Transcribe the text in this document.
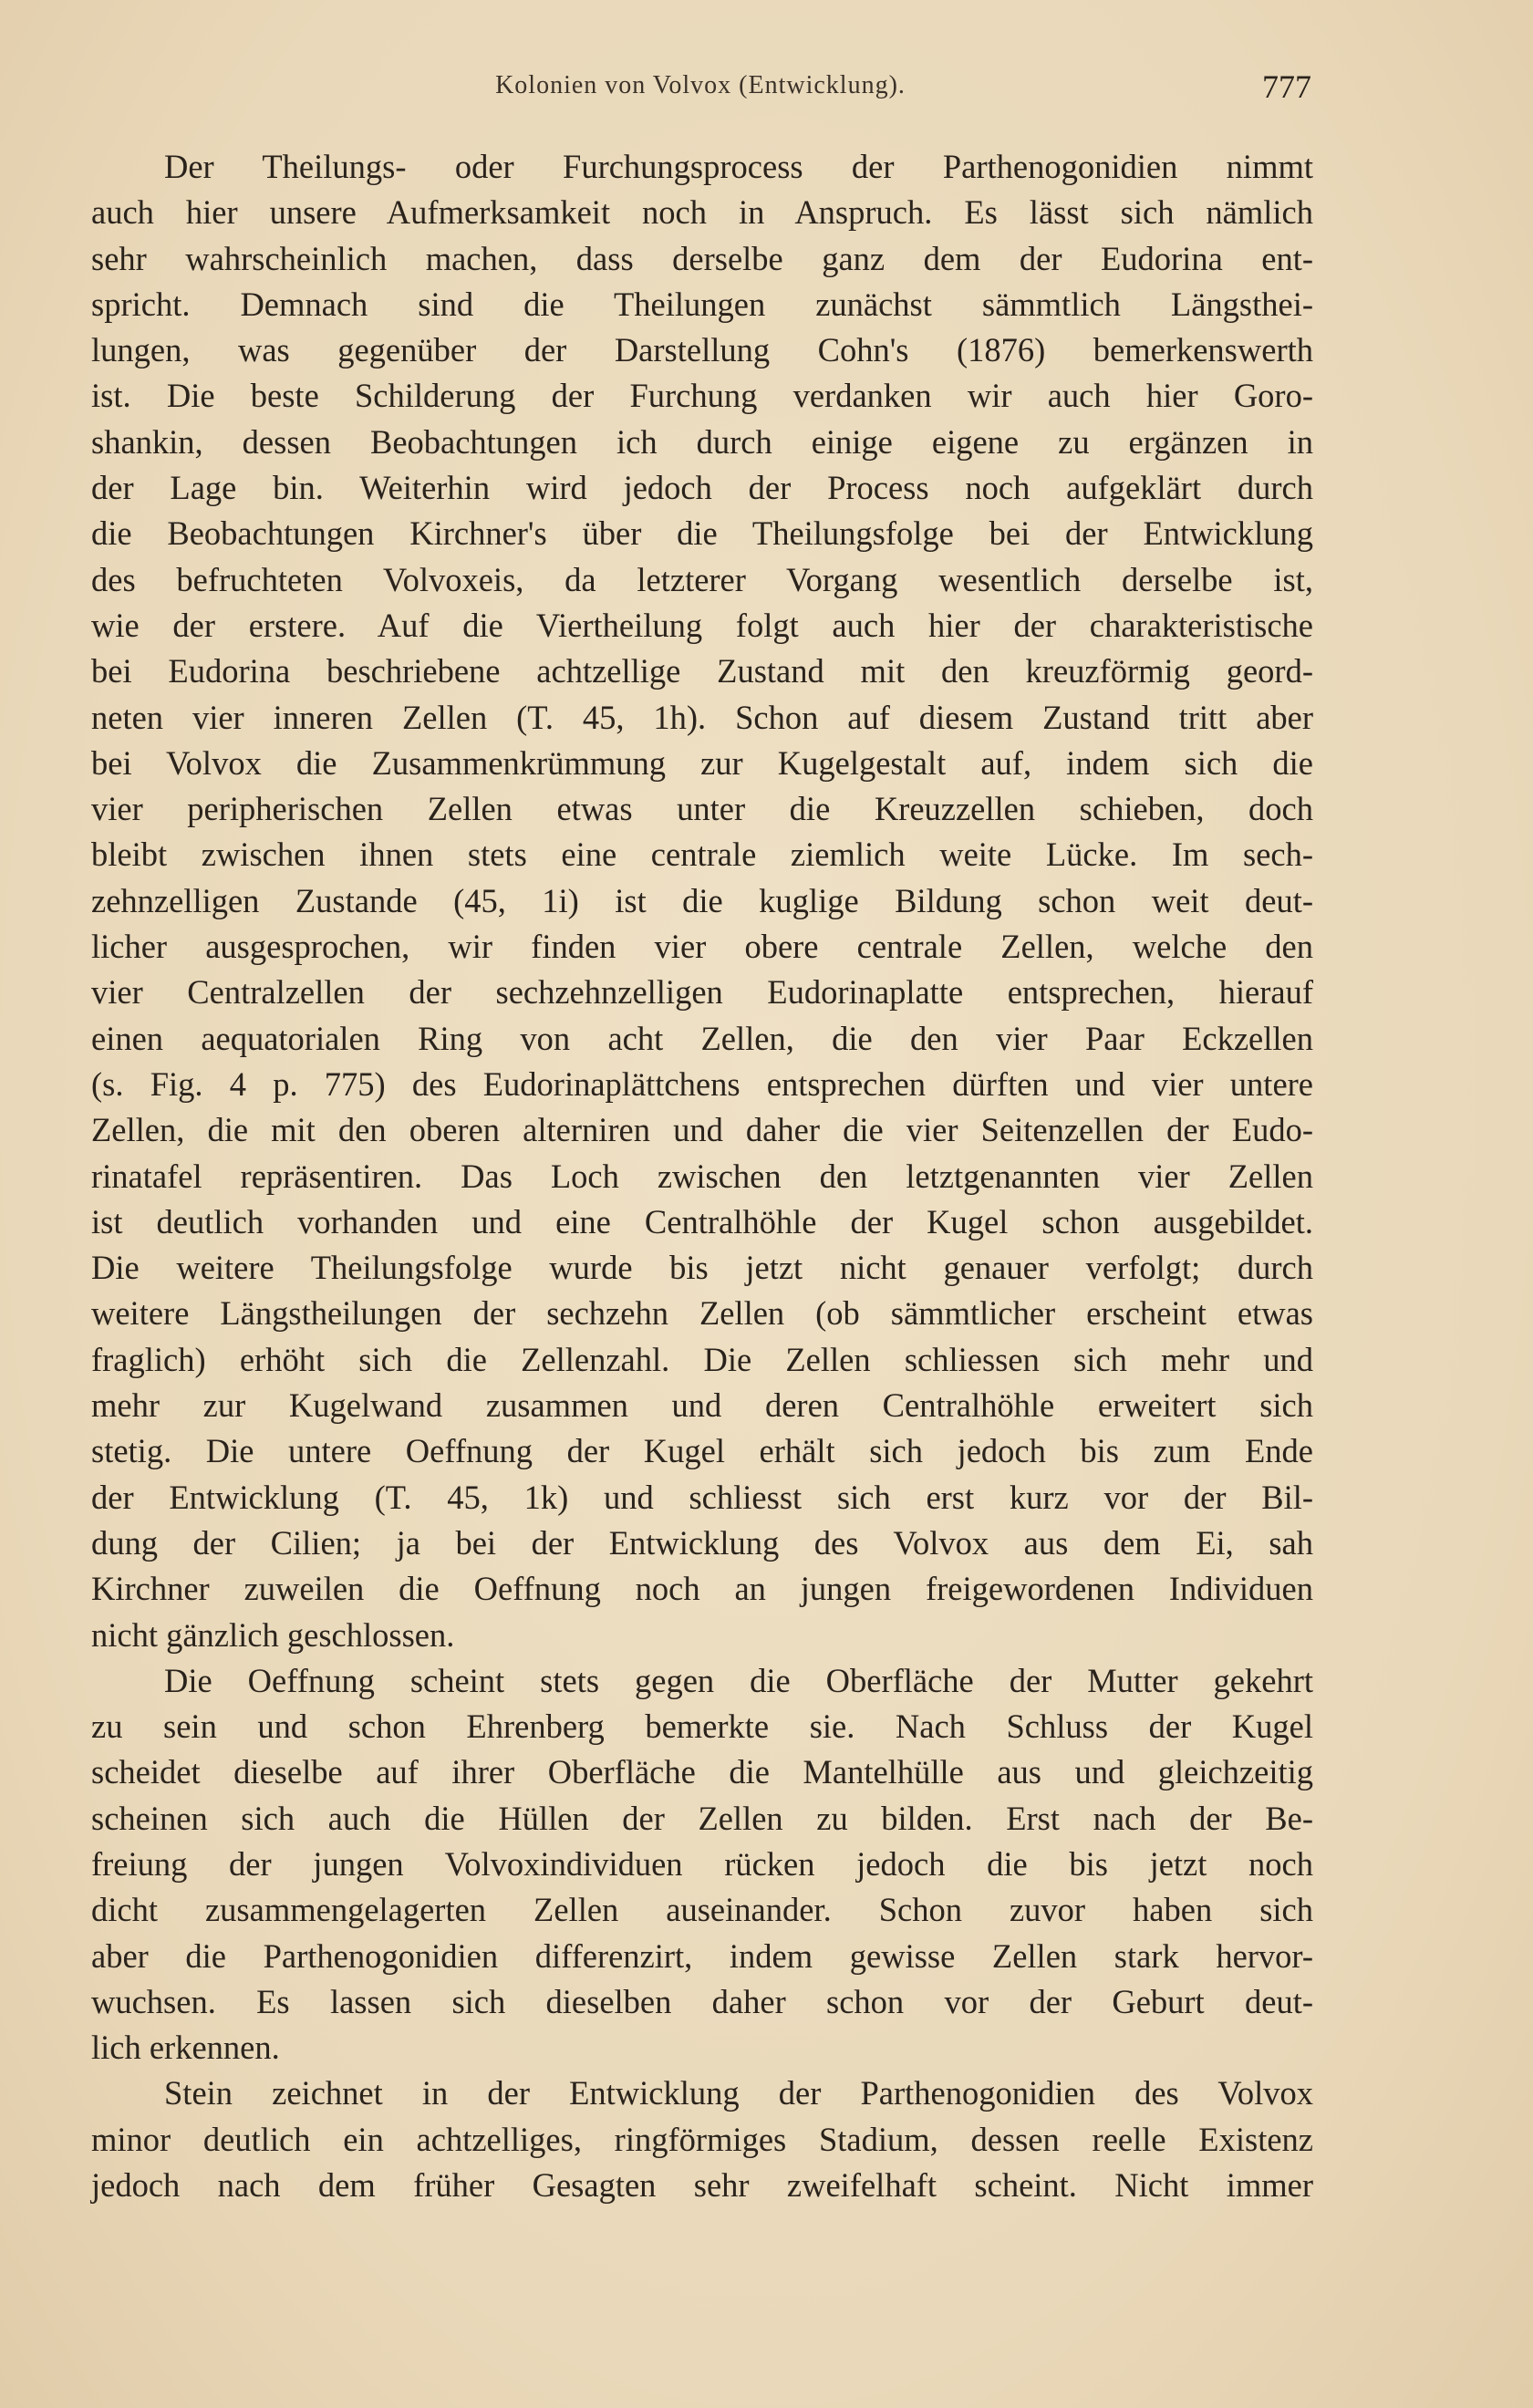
Kolonien von Volvox (Entwicklung).	777
Der Theilungs- oder Furchungsprocess der Parthenogonidien nimmt
auch hier unsere Aufmerksamkeit noch in Anspruch. Es lässt sich nämlich
sehr wahrscheinlich machen, dass derselbe ganz dem der Eudorina ent-
spricht. Demnach sind die Theilungen zunächst sämmtlich Längsthei-
lungen, was gegenüber der Darstellung Cohn's (1876) bemerkenswerth
ist. Die beste Schilderung der Furchung verdanken wir auch hier Goro-
shankin, dessen Beobachtungen ich durch einige eigene zu ergänzen in
der Lage bin. Weiterhin wird jedoch der Process noch aufgeklärt durch
die Beobachtungen Kirchner's über die Theilungsfolge bei der Entwicklung
des befruchteten Volvoxeis, da letzterer Vorgang wesentlich derselbe ist,
wie der erstere. Auf die Viertheilung folgt auch hier der charakteristische
bei Eudorina beschriebene achtzellige Zustand mit den kreuzförmig geord-
neten vier inneren Zellen (T. 45, 1h). Schon auf diesem Zustand tritt aber
bei Volvox die Zusammenkrümmung zur Kugelgestalt auf, indem sich die
vier peripherischen Zellen etwas unter die Kreuzzellen schieben, doch
bleibt zwischen ihnen stets eine centrale ziemlich weite Lücke. Im sech-
zehnzelligen Zustande (45, 1i) ist die kuglige Bildung schon weit deut-
licher ausgesprochen, wir finden vier obere centrale Zellen, welche den
vier Centralzellen der sechzehnzelligen Eudorinaplatte entsprechen, hierauf
einen aequatorialen Ring von acht Zellen, die den vier Paar Eckzellen
(s. Fig. 4 p. 775) des Eudorinaplättchens entsprechen dürften und vier untere
Zellen, die mit den oberen alterniren und daher die vier Seitenzellen der Eudo-
rinatafel repräsentiren. Das Loch zwischen den letztgenannten vier Zellen
ist deutlich vorhanden und eine Centralhöhle der Kugel schon ausgebildet.
Die weitere Theilungsfolge wurde bis jetzt nicht genauer verfolgt; durch
weitere Längstheilungen der sechzehn Zellen (ob sämmtlicher erscheint etwas
fraglich) erhöht sich die Zellenzahl. Die Zellen schliessen sich mehr und
mehr zur Kugelwand zusammen und deren Centralhöhle erweitert sich
stetig. Die untere Oeffnung der Kugel erhält sich jedoch bis zum Ende
der Entwicklung (T. 45, 1k) und schliesst sich erst kurz vor der Bil-
dung der Cilien; ja bei der Entwicklung des Volvox aus dem Ei, sah
Kirchner zuweilen die Oeffnung noch an jungen freigewordenen Individuen
nicht gänzlich geschlossen.
Die Oeffnung scheint stets gegen die Oberfläche der Mutter gekehrt
zu sein und schon Ehrenberg bemerkte sie. Nach Schluss der Kugel
scheidet dieselbe auf ihrer Oberfläche die Mantelhülle aus und gleichzeitig
scheinen sich auch die Hüllen der Zellen zu bilden. Erst nach der Be-
freiung der jungen Volvoxindividuen rücken jedoch die bis jetzt noch
dicht zusammengelagerten Zellen auseinander. Schon zuvor haben sich
aber die Parthenogonidien differenzirt, indem gewisse Zellen stark hervor-
wuchsen. Es lassen sich dieselben daher schon vor der Geburt deut-
lich erkennen.
Stein zeichnet in der Entwicklung der Parthenogonidien des Volvox
minor deutlich ein achtzelliges, ringförmiges Stadium, dessen reelle Existenz
jedoch nach dem früher Gesagten sehr zweifelhaft scheint. Nicht immer
